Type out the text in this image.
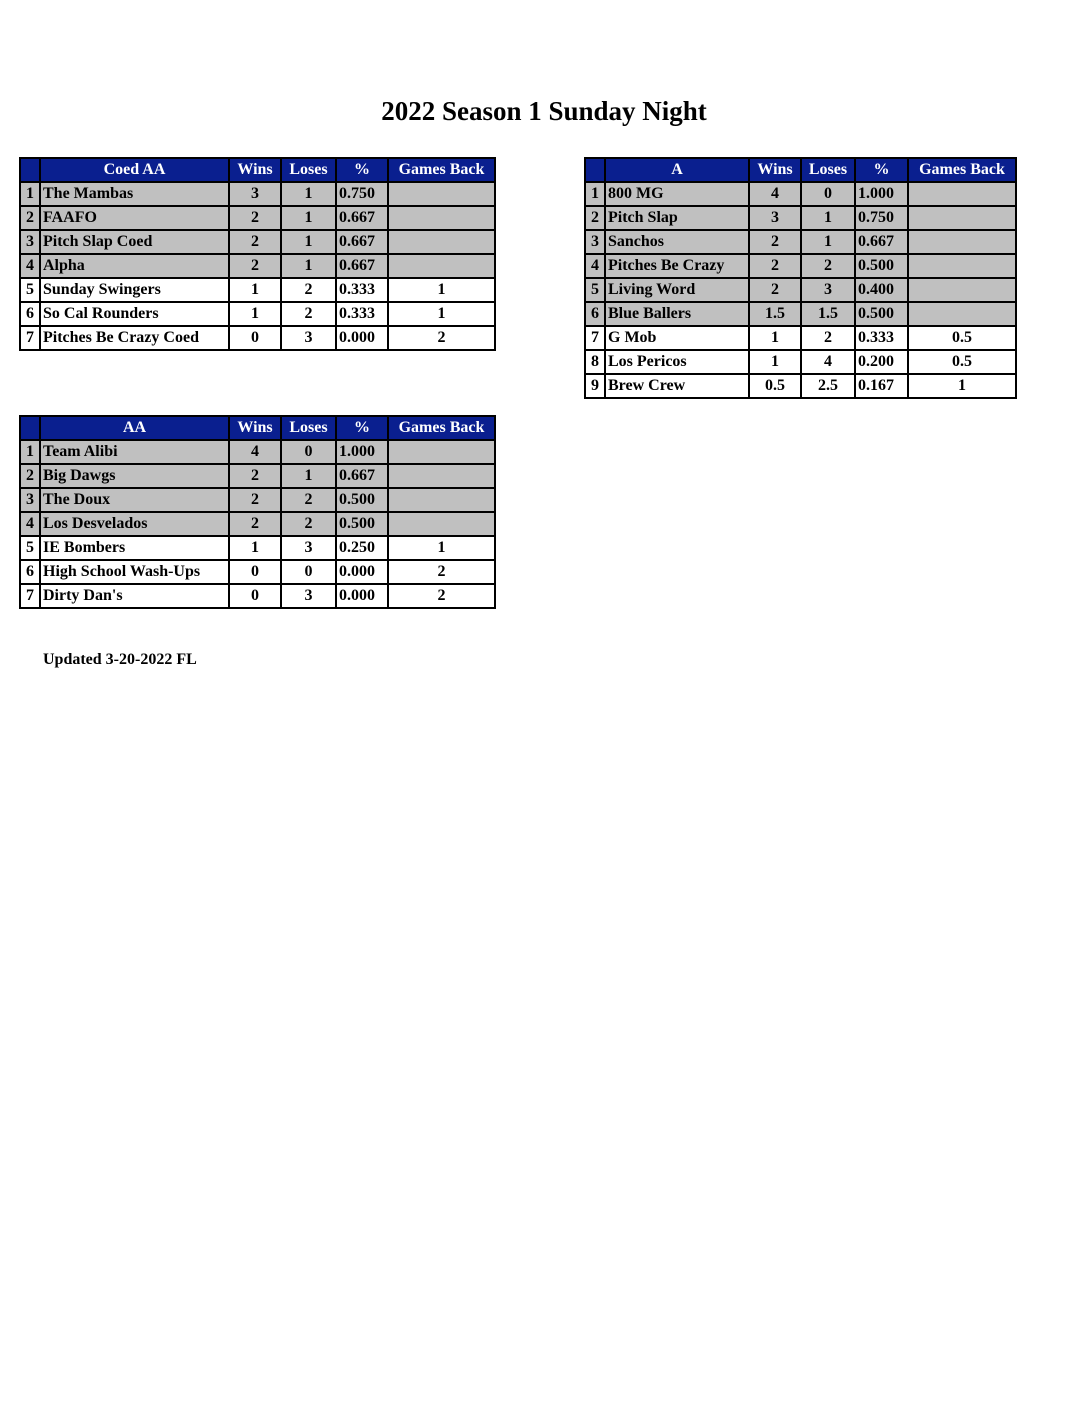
2022 Season 1 Sunday Night
	Coed AA	Wins	Loses	%	Games Back
1	The Mambas	3	1	0.750	
2	FAAFO	2	1	0.667	
3	Pitch Slap Coed	2	1	0.667	
4	Alpha	2	1	0.667	
5	Sunday Swingers	1	2	0.333	1
6	So Cal Rounders	1	2	0.333	1
7	Pitches Be Crazy Coed	0	3	0.000	2
	AA	Wins	Loses	%	Games Back
1	Team Alibi	4	0	1.000	
2	Big Dawgs	2	1	0.667	
3	The Doux	2	2	0.500	
4	Los Desvelados	2	2	0.500	
5	IE Bombers	1	3	0.250	1
6	High School Wash-Ups	0	0	0.000	2
7	Dirty Dan's	0	3	0.000	2
	A	Wins	Loses	%	Games Back
1	800 MG	4	0	1.000	
2	Pitch Slap	3	1	0.750	
3	Sanchos	2	1	0.667	
4	Pitches Be Crazy	2	2	0.500	
5	Living Word	2	3	0.400	
6	Blue Ballers	1.5	1.5	0.500	
7	G Mob	1	2	0.333	0.5
8	Los Pericos	1	4	0.200	0.5
9	Brew Crew	0.5	2.5	0.167	1
Updated 3-20-2022 FL
